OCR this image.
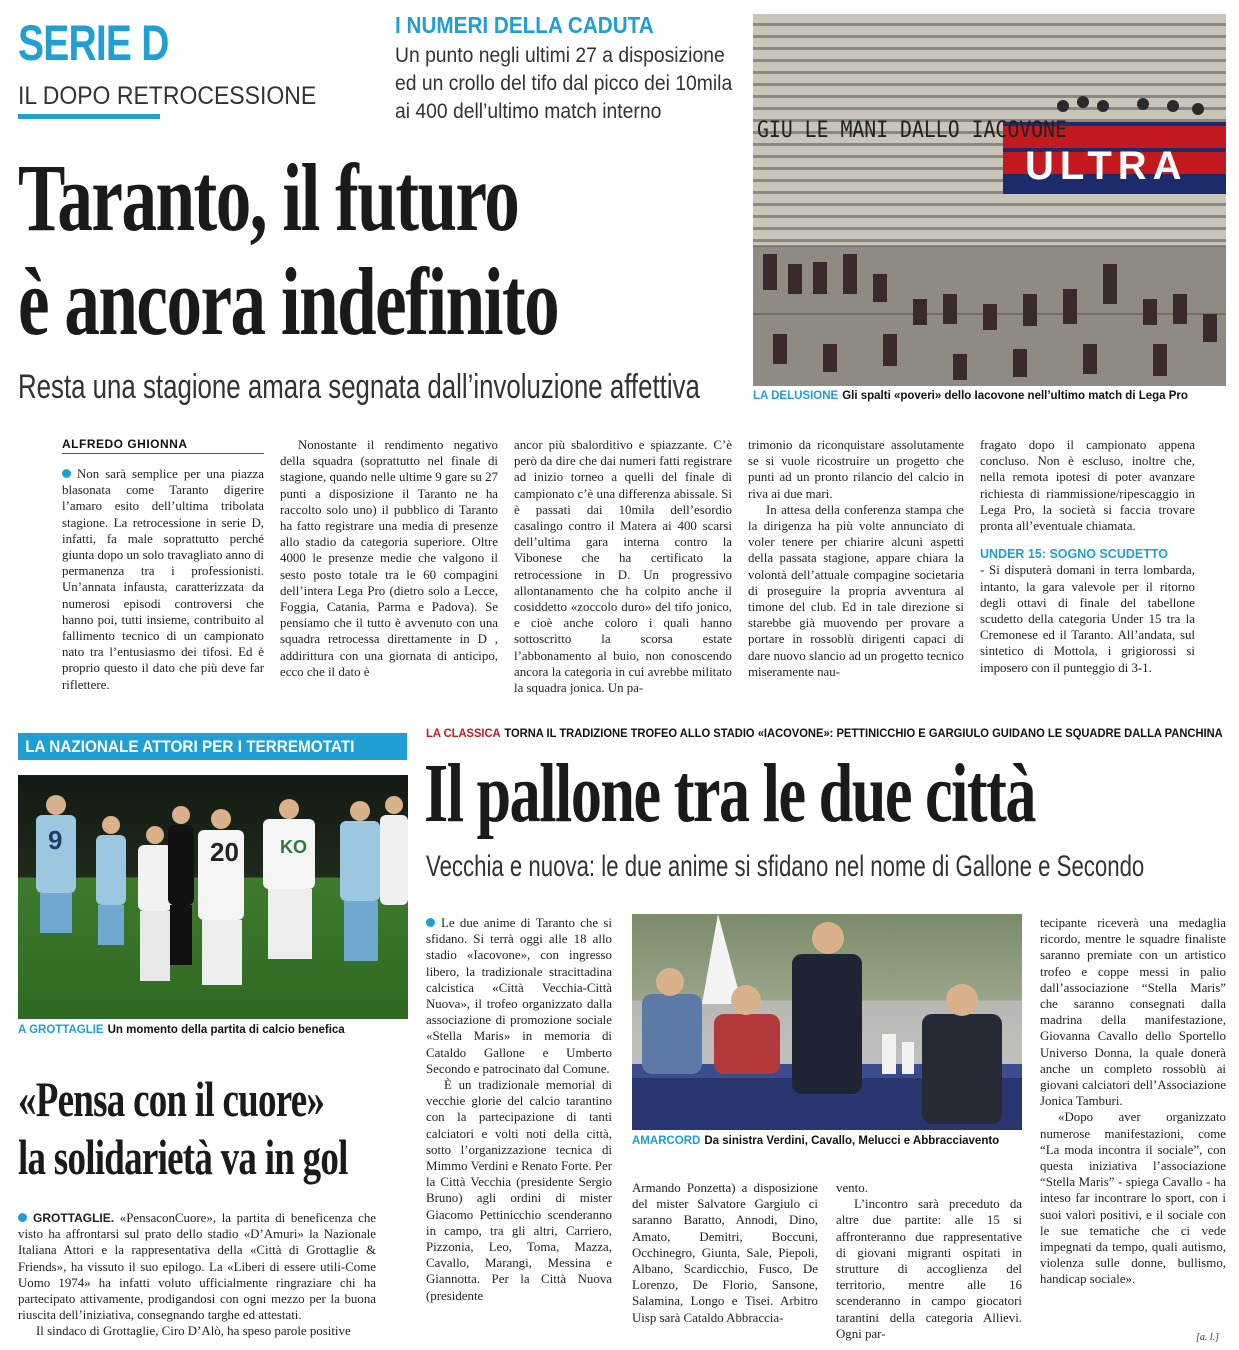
SERIE D
IL DOPO RETROCESSIONE
I NUMERI DELLA CADUTA
Un punto negli ultimi 27 a disposizione ed un crollo del tifo dal picco dei 10mila ai 400 dell’ultimo match interno
Taranto, il futuro
è ancora indefinito
Resta una stagione amara segnata dall’involuzione affettiva
GIU LE MANI DALLO IACOVONE
ULTRA
LA DELUSIONE Gli spalti «poveri» dello Iacovone nell’ultimo match di Lega Pro
ALFREDO GHIONNA

Non sarà semplice per una piazza blasonata come Taranto digerire l’amaro esito dell’ultima tribolata stagione. La retrocessione in serie D, infatti, fa male soprattutto perché giunta dopo un solo travagliato anno di permanenza tra i professionisti. Un’annata infausta, caratterizzata da numerosi episodi controversi che hanno poi, tutti insieme, contribuito al fallimento tecnico di un campionato nato tra l’entusiasmo dei tifosi. Ed è proprio questo il dato che più deve far riflettere.

Nonostante il rendimento negativo della squadra (soprattutto nel finale di stagione, quando nelle ultime 9 gare su 27 punti a disposizione il Taranto ne ha raccolto solo uno) il pubblico di Taranto ha fatto registrare una media di presenze allo stadio da categoria superiore. Oltre 4000 le presenze medie che valgono il sesto posto totale tra le 60 compagini dell’intera Lega Pro (dietro solo a Lecce, Foggia, Catania, Parma e Padova). Se pensiamo che il tutto è avvenuto con una squadra retrocessa direttamente in D , addirittura con una giornata di anticipo, ecco che il dato è

ancor più sbalorditivo e spiazzante. C’è però da dire che dai numeri fatti registrare ad inizio torneo a quelli del finale di campionato c’è una differenza abissale. Si è passati dai 10mila dell’esordio casalingo contro il Matera ai 400 scarsi dell’ultima gara interna contro la Vibonese che ha certificato la retrocessione in D. Un progressivo allontanamento che ha colpito anche il cosiddetto «zoccolo duro» del tifo jonico, e cioè anche coloro i quali hanno sottoscritto la scorsa estate l’abbonamento al buio, non conoscendo ancora la categoria in cui avrebbe militato la squadra jonica. Un pa-

trimonio da riconquistare assolutamente se si vuole ricostruire un progetto che punti ad un pronto rilancio del calcio in riva ai due mari.

In attesa della conferenza stampa che la dirigenza ha più volte annunciato di voler tenere per chiarire alcuni aspetti della passata stagione, appare chiara la volontà dell’attuale compagine societaria di proseguire la propria avventura al timone del club. Ed in tale direzione si starebbe già muovendo per provare a portare in rossoblù dirigenti capaci di dare nuovo slancio ad un progetto tecnico miseramente nau-

fragato dopo il campionato appena concluso. Non è escluso, inoltre che, nella remota ipotesi di poter avanzare richiesta di riammissione/ripescaggio in Lega Pro, la società si faccia trovare pronta all’eventuale chiamata.

UNDER 15: SOGNO SCUDETTO

- Si disputerà domani in terra lombarda, intanto, la gara valevole per il ritorno degli ottavi di finale del tabellone scudetto della categoria Under 15 tra la Cremonese ed il Taranto. All’andata, sul sintetico di Mottola, i grigiorossi si imposero con il punteggio di 3-1.

LA NAZIONALE ATTORI PER I TERREMOTATI
9	20 KO
A GROTTAGLIE Un momento della partita di calcio benefica
«Pensa con il cuore»
la solidarietà va in gol

GROTTAGLIE. «PensaconCuore», la partita di beneficenza che visto ha affrontarsi sul prato dello stadio «D’Amuri» la Nazionale Italiana Attori e la rappresentativa della «Città di Grottaglie & Friends», ha vissuto il suo epilogo. La «Liberi di essere utili-Come Uomo 1974» ha infatti voluto ufficialmente ringraziare chi ha partecipato attivamente, prodigandosi con ogni mezzo per la buona riuscita dell’iniziativa, consegnando targhe ed attestati.

Il sindaco di Grottaglie, Ciro D’Alò, ha speso parole positive

LA CLASSICA TORNA IL TRADIZIONE TROFEO ALLO STADIO «IACOVONE»: PETTINICCHIO E GARGIULO GUIDANO LE SQUADRE DALLA PANCHINA
Il pallone tra le due città
Vecchia e nuova: le due anime si sfidano nel nome di Gallone e Secondo

Le due anime di Taranto che si sfidano. Si terrà oggi alle 18 allo stadio «Iacovone», con ingresso libero, la tradizionale stracittadina calcistica «Città Vecchia-Città Nuova», il trofeo organizzato dalla associazione di promozione sociale «Stella Maris» in memoria di Cataldo Gallone e Umberto Secondo e patrocinato dal Comune.

È un tradizionale memorial di vecchie glorie del calcio tarantino con la partecipazione di tanti calciatori e volti noti della città, sotto l’organizzazione tecnica di Mimmo Verdini e Renato Forte. Per la Città Vecchia (presidente Sergio Bruno) agli ordini di mister Giacomo Pettinicchio scenderanno in campo, tra gli altri, Carriero, Pizzonia, Leo, Toma, Mazza, Cavallo, Marangi, Messina e Giannotta. Per la Città Nuova (presidente

AMARCORD Da sinistra Verdini, Cavallo, Melucci e Abbracciavento

Armando Ponzetta) a disposizione del mister Salvatore Gargiulo ci saranno Baratto, Annodi, Dino, Amato, Demitri, Boccuni, Occhinegro, Giunta, Sale, Piepoli, Albano, Scardicchio, Fusco, De Lorenzo, De Florio, Sansone, Salamina, Longo e Tisei. Arbitro Uisp sarà Cataldo Abbraccia-

vento.

L’incontro sarà preceduto da altre due partite: alle 15 si affronteranno due rappresentative di giovani migranti ospitati in strutture di accoglienza del territorio, mentre alle 16 scenderanno in campo giocatori tarantini della categoria Allievi. Ogni par-

tecipante riceverà una medaglia ricordo, mentre le squadre finaliste saranno premiate con un artistico trofeo e coppe messi in palio dall’associazione “Stella Maris” che saranno consegnati dalla madrina della manifestazione, Giovanna Cavallo dello Sportello Universo Donna, la quale donerà anche un completo rossoblù ai giovani calciatori dell’Associazione Jonica Tamburi.

«Dopo aver organizzato numerose manifestazioni, come “La moda incontra il sociale”, con questa iniziativa l’associazione “Stella Maris” - spiega Cavallo - ha inteso far incontrare lo sport, con i suoi valori positivi, e il sociale con le sue tematiche che ci vede impegnati da tempo, quali autismo, violenza sulle donne, bullismo, handicap sociale».

[a. l.]
